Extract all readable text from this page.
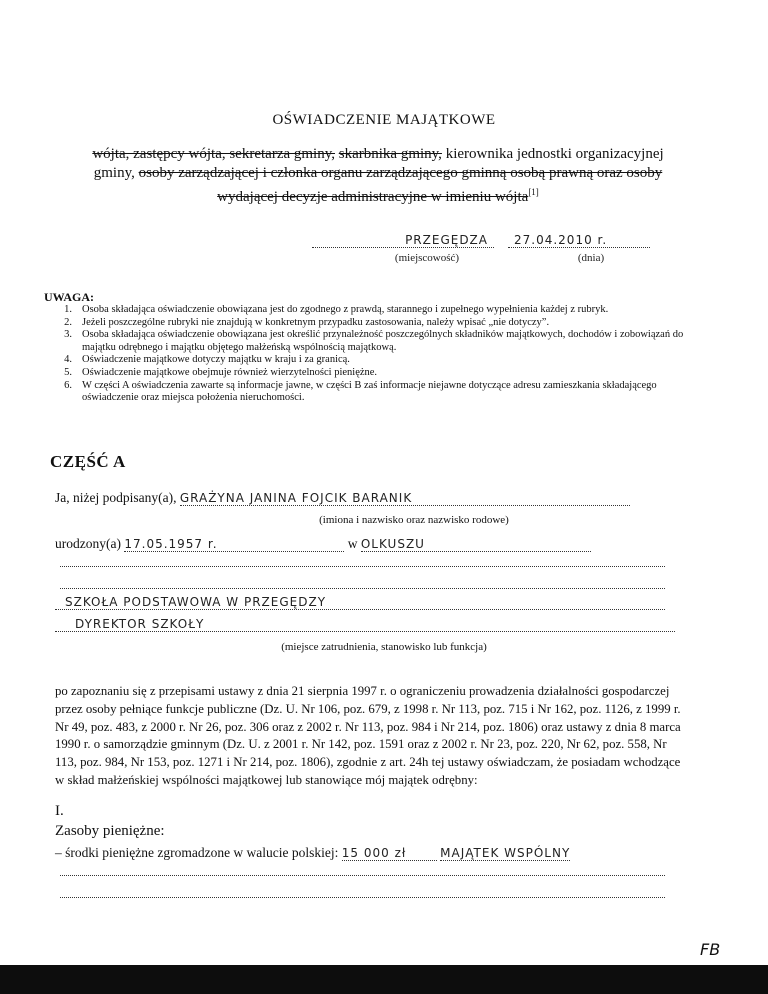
OŚWIADCZENIE MAJĄTKOWE
wójta, zastępcy wójta, sekretarza gminy, skarbnika gminy, kierownika jednostki organizacyjnej
gminy, osoby zarządzającej i członka organu zarządzającego gminną osobą prawną oraz osoby
wydającej decyzje administracyjne w imieniu wójta[1]
PRZEGĘDZA	27.04.2010 r.
(miejscowość)	(dnia)
UWAGA:
1. Osoba składająca oświadczenie obowiązana jest do zgodnego z prawdą, starannego i zupełnego wypełnienia każdej z rubryk.
2. Jeżeli poszczególne rubryki nie znajdują w konkretnym przypadku zastosowania, należy wpisać „nie dotyczy”.
3. Osoba składająca oświadczenie obowiązana jest określić przynależność poszczególnych składników majątkowych, dochodów i zobowiązań do majątku odrębnego i majątku objętego małżeńską wspólnością majątkową.
4. Oświadczenie majątkowe dotyczy majątku w kraju i za granicą.
5. Oświadczenie majątkowe obejmuje również wierzytelności pieniężne.
6. W części A oświadczenia zawarte są informacje jawne, w części B zaś informacje niejawne dotyczące adresu zamieszkania składającego oświadczenie oraz miejsca położenia nieruchomości.
CZĘŚĆ A
Ja, niżej podpisany(a), GRAŻYNA JANINA FOJCIK BARANIK
(imiona i nazwisko oraz nazwisko rodowe)
urodzony(a) 17.05.1957 r.	w OLKUSZU
SZKOŁA PODSTAWOWA W PRZEGĘDZY
DYREKTOR SZKOŁY
(miejsce zatrudnienia, stanowisko lub funkcja)
po zapoznaniu się z przepisami ustawy z dnia 21 sierpnia 1997 r. o ograniczeniu prowadzenia działalności gospodarczej przez osoby pełniące funkcje publiczne (Dz. U. Nr 106, poz. 679, z 1998 r. Nr 113, poz. 715 i Nr 162, poz. 1126, z 1999 r. Nr 49, poz. 483, z 2000 r. Nr 26, poz. 306 oraz z 2002 r. Nr 113, poz. 984 i Nr 214, poz. 1806) oraz ustawy z dnia 8 marca 1990 r. o samorządzie gminnym (Dz. U. z 2001 r. Nr 142, poz. 1591 oraz z 2002 r. Nr 23, poz. 220, Nr 62, poz. 558, Nr 113, poz. 984, Nr 153, poz. 1271 i Nr 214, poz. 1806), zgodnie z art. 24h tej ustawy oświadczam, że posiadam wchodzące w skład małżeńskiej wspólności majątkowej lub stanowiące mój majątek odrębny:
I.
Zasoby pieniężne:
– środki pieniężne zgromadzone w walucie polskiej: 15 000 zł	MAJĄTEK WSPÓLNY
FB
